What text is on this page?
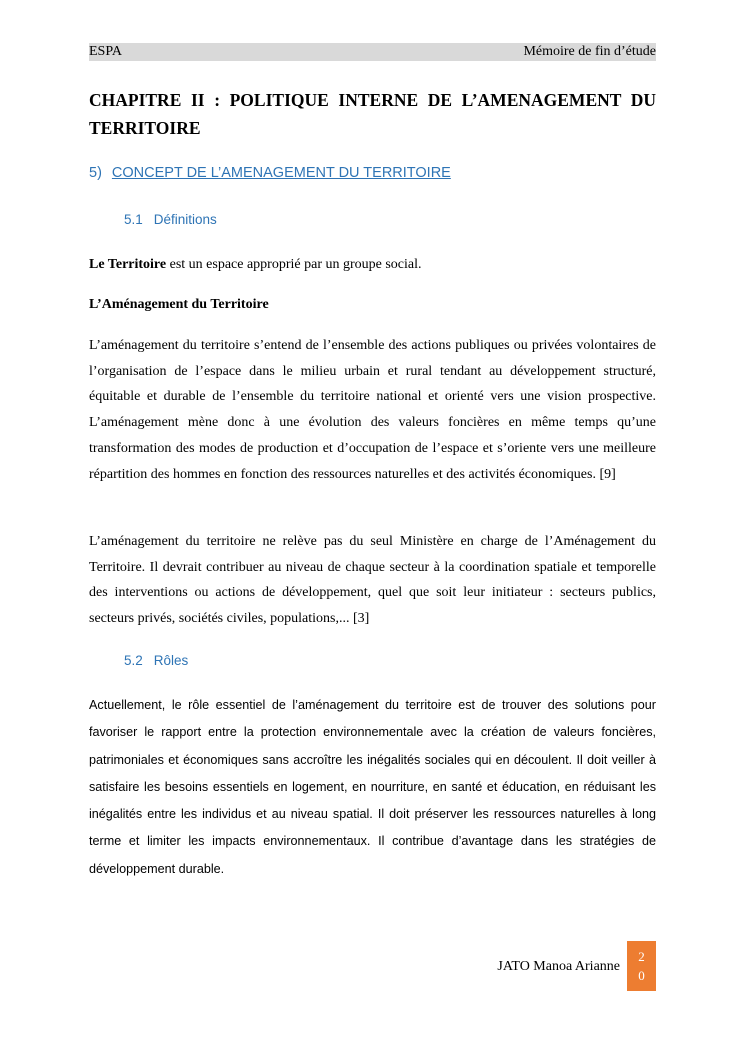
ESPA	Mémoire de fin d’étude
CHAPITRE II : POLITIQUE INTERNE DE L’AMENAGEMENT DU TERRITOIRE
5) CONCEPT DE L’AMENAGEMENT DU TERRITOIRE
5.1 Définitions
Le Territoire est un espace approprié par un groupe social.
L’Aménagement du Territoire
L’aménagement du territoire s’entend de l’ensemble des actions publiques ou privées volontaires de l’organisation de l’espace dans le milieu urbain et rural tendant au développement structuré, équitable et durable de l’ensemble du territoire national et orienté vers une vision prospective. L’aménagement mène donc à une évolution des valeurs foncières en même temps qu’une transformation des modes de production et d’occupation de l’espace et s’oriente vers une meilleure répartition des hommes en fonction des ressources naturelles et des activités économiques. [9]
L’aménagement du territoire ne relève pas du seul Ministère en charge de l’Aménagement du Territoire. Il devrait contribuer au niveau de chaque secteur à la coordination spatiale et temporelle des interventions ou actions de développement, quel que soit leur initiateur : secteurs publics, secteurs privés, sociétés civiles, populations,... [3]
5.2 Rôles
Actuellement, le rôle essentiel de l’aménagement du territoire est de trouver des solutions pour favoriser le rapport entre la protection environnementale avec la création de valeurs foncières, patrimoniales et économiques sans accroître les inégalités sociales qui en découlent. Il doit veiller à satisfaire les besoins essentiels en logement, en nourriture, en santé et éducation, en réduisant les inégalités entre les individus et au niveau spatial. Il doit préserver les ressources naturelles à long terme et limiter les impacts environnementaux. Il contribue d’avantage dans les stratégies de développement durable.
JATO Manoa Arianne
2
0
